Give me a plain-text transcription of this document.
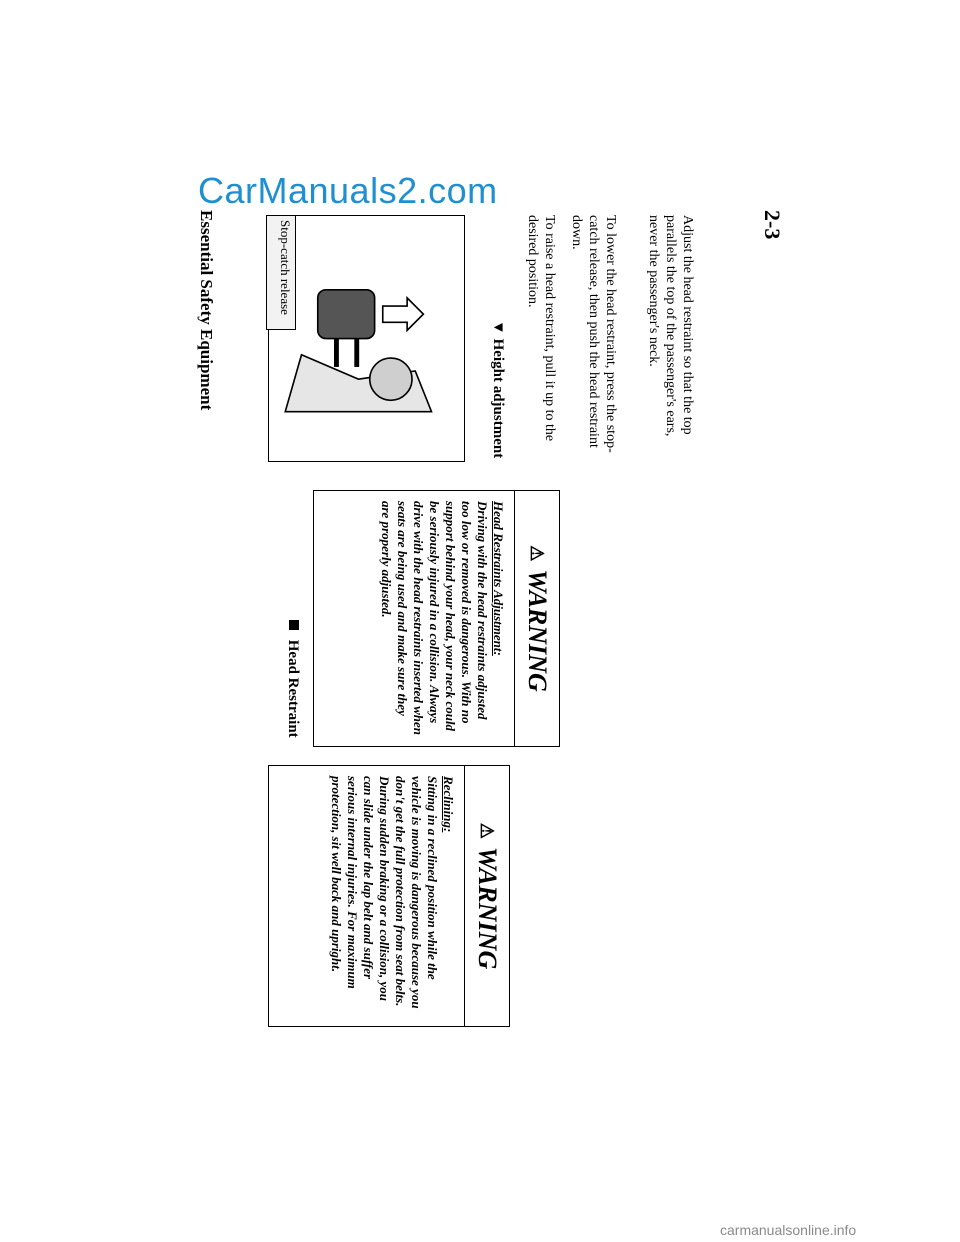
CarManuals2.com
⚠
WARNING
Reclining:
Sitting in a reclined position while the vehicle is moving is dangerous because you don't get the full protection from seat belts. During sudden braking or a collision, you can slide under the lap belt and suffer serious internal injuries. For maximum protection, sit well back and upright.
⚠
WARNING
Head Restraints Adjustment:
Driving with the head restraints adjusted too low or removed is dangerous. With no support behind your head, your neck could be seriously injured in a collision. Always drive with the head restraints inserted when seats are being used and make sure they are properly adjusted.
Head Restraint
Stop-catch release
▼ Height adjustment	To raise a head restraint, pull it up to the desired position.	To lower the head restraint, press the stop-catch release, then push the head restraint down.	Adjust the head restraint so that the top parallels the top of the passenger's ears, never the passenger's neck.	2-3
Essential Safety Equipment
carmanualsonline.info
